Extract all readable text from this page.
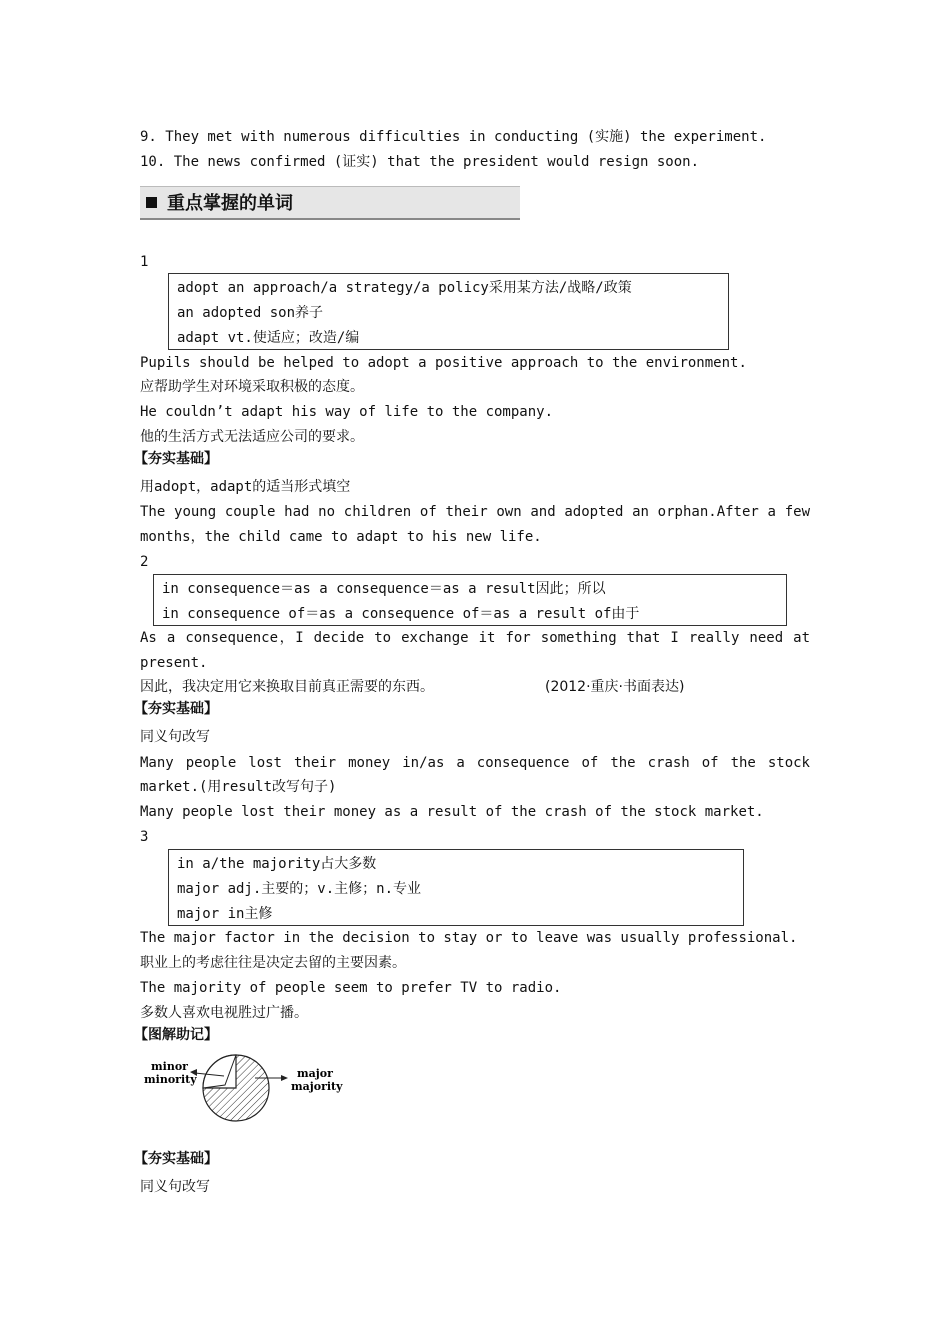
9. They met with numerous difficulties in conducting (实施) the experiment.
10. The news confirmed (证实) that the president would resign soon.
重点掌握的单词
1
adopt an approach/a strategy/a policy采用某方法/战略/政策
an adopted son养子
adapt vt.使适应；改造/编
Pupils should be helped to adopt a positive approach to the environment.
应帮助学生对环境采取积极的态度。
He couldn’t adapt his way of life to the company.
他的生活方式无法适应公司的要求。
【夯实基础】
用adopt，adapt的适当形式填空
The young couple had no children of their own and adopted an orphan.After a few
months，the child came to adapt to his new life.
2
in consequence＝as a consequence＝as a result因此；所以
in consequence of＝as a consequence of＝as a result of由于
As a consequence，I decide to exchange it for something that I really need at
present.
因此，我决定用它来换取目前真正需要的东西。	(2012·重庆·书面表达)
【夯实基础】
同义句改写
Many people lost their money in/as a consequence of the crash of the stock
market.(用result改写句子)
Many people lost their money as a result of the crash of the stock market.
3
in a/the majority占大多数
major adj.主要的；v.主修；n.专业
major in主修
The major factor in the decision to stay or to leave was usually professional.
职业上的考虑往往是决定去留的主要因素。
The majority of people seem to prefer TV to radio.
多数人喜欢电视胜过广播。
【图解助记】
minor
minority	major
majority
【夯实基础】
同义句改写
